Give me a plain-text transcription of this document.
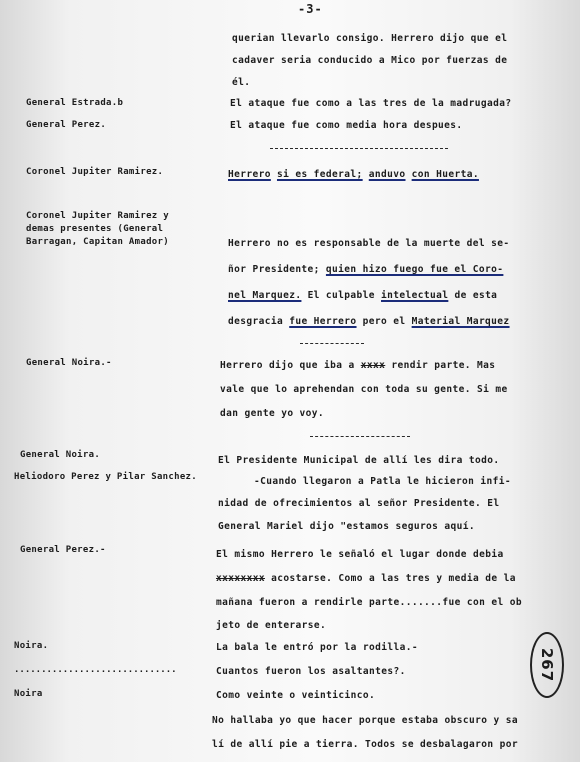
-3-
querian llevarlo consigo. Herrero dijo que el
cadaver seria conducido a Mico por fuerzas de
él.
General Estrada.b	El ataque fue como a las tres de la madrugada?
General Perez.	El ataque fue como media hora despues.
Coronel Jupiter Ramirez.	Herrero si es federal; anduvo con Huerta.
Coronel Jupiter Ramirez y
demas presentes (General
Barragan, Capitan Amador)	Herrero no es responsable de la muerte del se-
ñor Presidente; quien hizo fuego fue el Coro-
nel Marquez. El culpable intelectual de esta
desgracia fue Herrero pero el Material Marquez
General Noira.-	Herrero dijo que iba a xxxx rendir parte. Mas
vale que lo aprehendan con toda su gente. Si me
dan gente yo voy.
General Noira.	El Presidente Municipal de allí les dira todo.
Heliodoro Perez y Pilar Sanchez.	-Cuando llegaron a Patla le hicieron infi-
nidad de ofrecimientos al señor Presidente. El
General Mariel dijo "estamos seguros aquí.
General Perez.-	El mismo Herrero le señaló el lugar donde debia
xxxxxxxx acostarse. Como a las tres y media de la
mañana fueron a rendirle parte.......fue con el ob
jeto de enterarse.
Noira.	La bala le entró por la rodilla.-
..............................	Cuantos fueron los asaltantes?.
Noira	Como veinte o veinticinco.
No hallaba yo que hacer porque estaba obscuro y sa
lí de allí pie a tierra. Todos se desbalagaron por
267
